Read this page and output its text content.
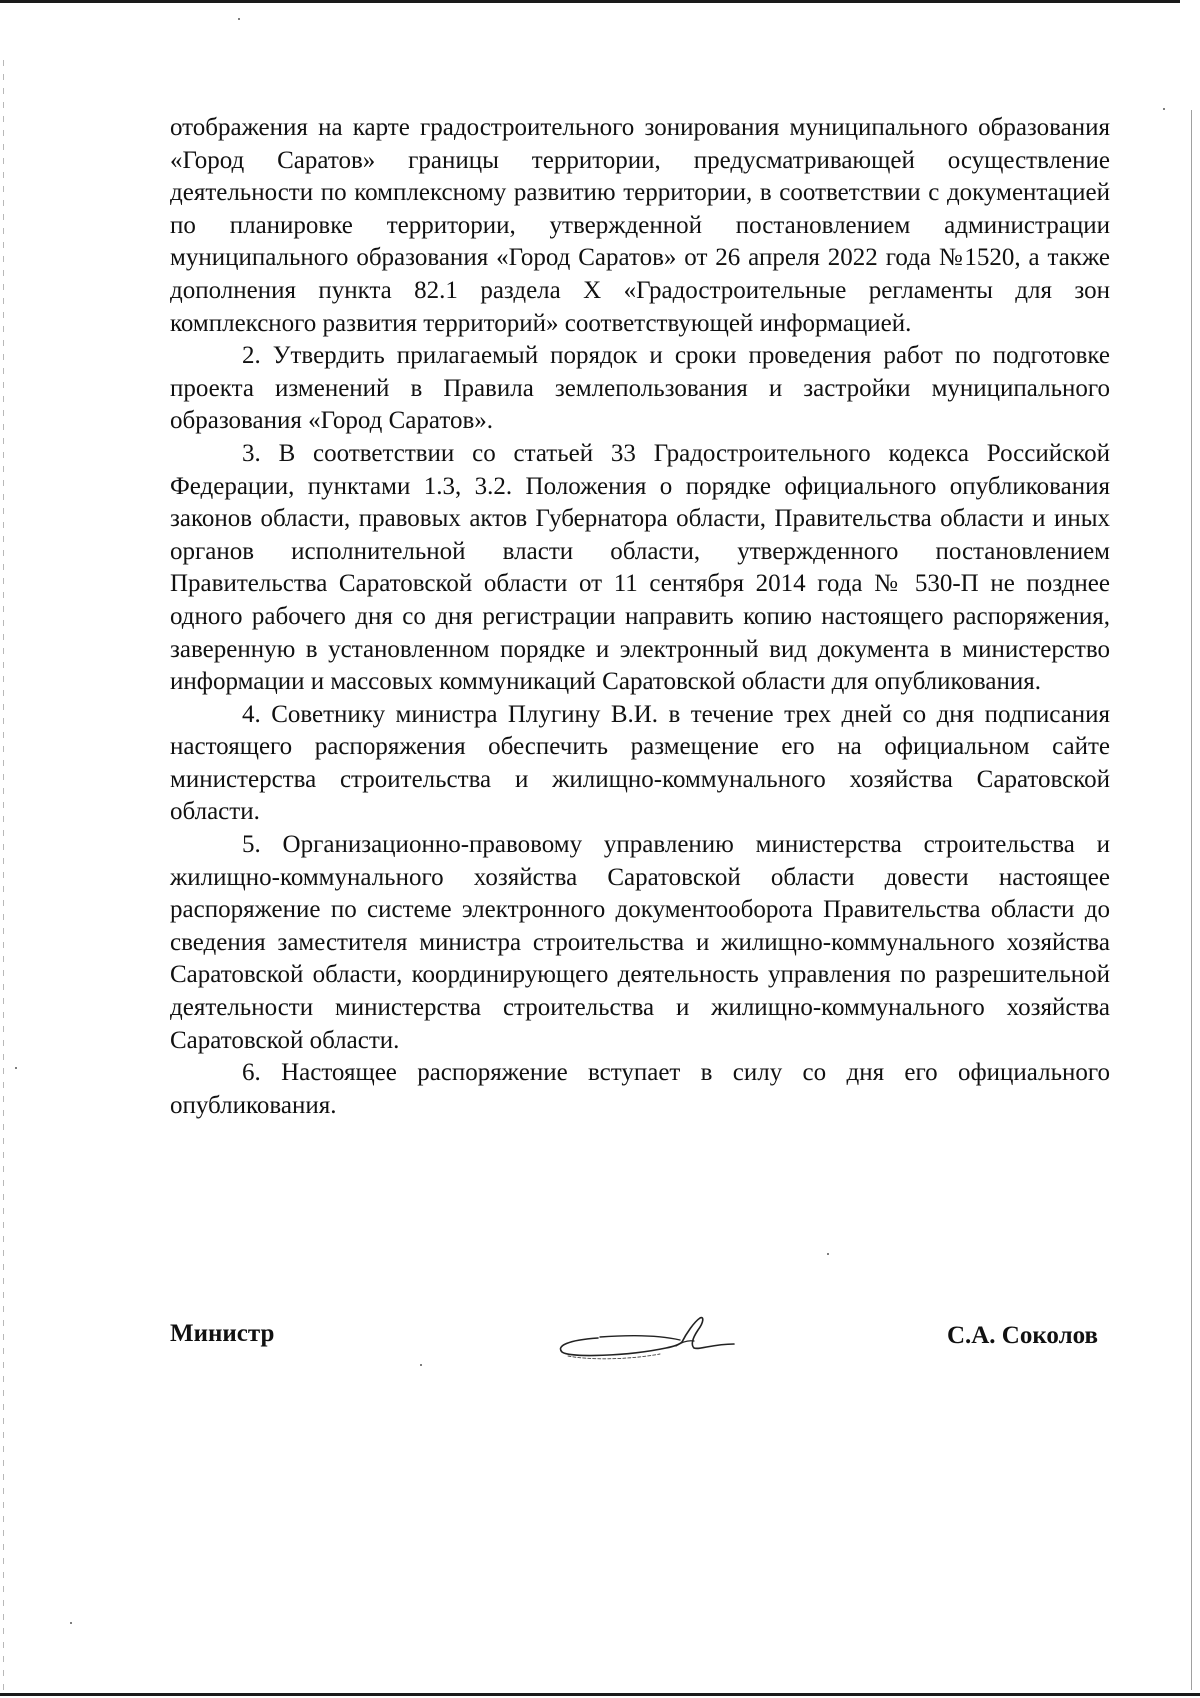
отображения на карте градостроительного зонирования муниципального образования «Город Саратов» границы территории, предусматривающей осуществление деятельности по комплексному развитию территории, в соответствии с документацией по планировке территории, утвержденной постановлением администрации муниципального образования «Город Саратов» от 26 апреля 2022 года №1520, а также дополнения пункта 82.1 раздела X «Градостроительные регламенты для зон комплексного развития территорий» соответствующей информацией.

2. Утвердить прилагаемый порядок и сроки проведения работ по подготовке проекта изменений в Правила землепользования и застройки муниципального образования «Город Саратов».

3. В соответствии со статьей 33 Градостроительного кодекса Российской Федерации, пунктами 1.3, 3.2. Положения о порядке официального опубликования законов области, правовых актов Губернатора области, Правительства области и иных органов исполнительной власти области, утвержденного постановлением Правительства Саратовской области от 11 сентября 2014 года № 530-П не позднее одного рабочего дня со дня регистрации направить копию настоящего распоряжения, заверенную в установленном порядке и электронный вид документа в министерство информации и массовых коммуникаций Саратовской области для опубликования.

4. Советнику министра Плугину В.И. в течение трех дней со дня подписания настоящего распоряжения обеспечить размещение его на официальном сайте министерства строительства и жилищно-коммунального хозяйства Саратовской области.

5. Организационно-правовому управлению министерства строительства и жилищно-коммунального хозяйства Саратовской области довести настоящее распоряжение по системе электронного документооборота Правительства области до сведения заместителя министра строительства и жилищно-коммунального хозяйства Саратовской области, координирующего деятельность управления по разрешительной деятельности министерства строительства и жилищно-коммунального хозяйства Саратовской области.

6. Настоящее распоряжение вступает в силу со дня его официального опубликования.

Министр	С.А. Соколов
